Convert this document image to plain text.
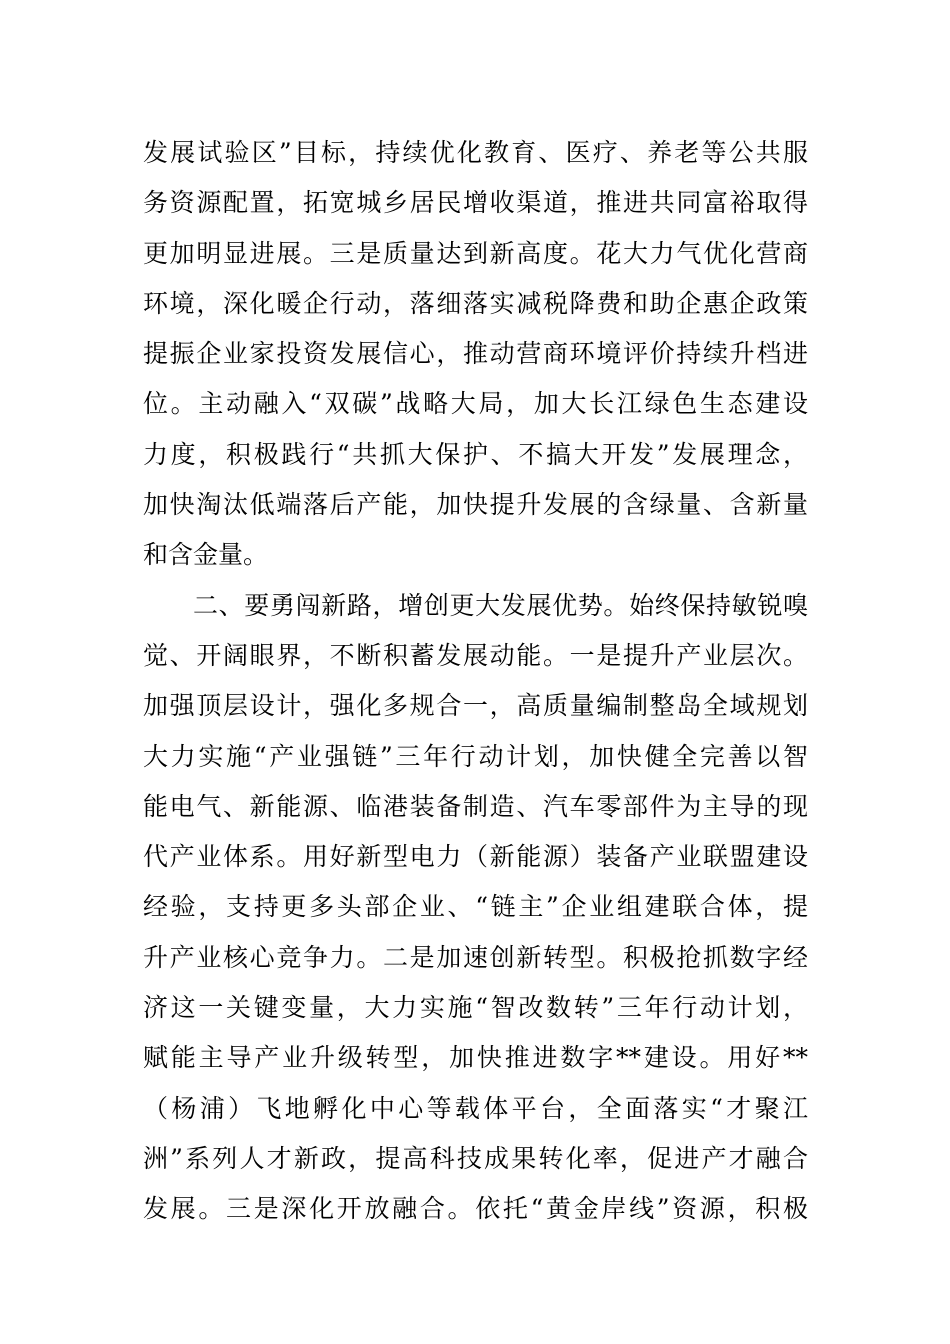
发展试验区”目标，持续优化教育、医疗、养老等公共服
务资源配置，拓宽城乡居民增收渠道，推进共同富裕取得
更加明显进展。三是质量达到新高度。花大力气优化营商
环境，深化暖企行动，落细落实减税降费和助企惠企政策
提振企业家投资发展信心，推动营商环境评价持续升档进
位。主动融入“双碳”战略大局，加大长江绿色生态建设
力度，积极践行“共抓大保护、不搞大开发”发展理念，
加快淘汰低端落后产能，加快提升发展的含绿量、含新量
和含金量。
二、要勇闯新路，增创更大发展优势。始终保持敏锐嗅
觉、开阔眼界，不断积蓄发展动能。一是提升产业层次。
加强顶层设计，强化多规合一，高质量编制整岛全域规划
大力实施“产业强链”三年行动计划，加快健全完善以智
能电气、新能源、临港装备制造、汽车零部件为主导的现
代产业体系。用好新型电力（新能源）装备产业联盟建设
经验，支持更多头部企业、“链主”企业组建联合体，提
升产业核心竞争力。二是加速创新转型。积极抢抓数字经
济这一关键变量，大力实施“智改数转”三年行动计划，
赋能主导产业升级转型，加快推进数字**建设。用好**
（杨浦）飞地孵化中心等载体平台，全面落实“才聚江
洲”系列人才新政，提高科技成果转化率，促进产才融合
发展。三是深化开放融合。依托“黄金岸线”资源，积极
